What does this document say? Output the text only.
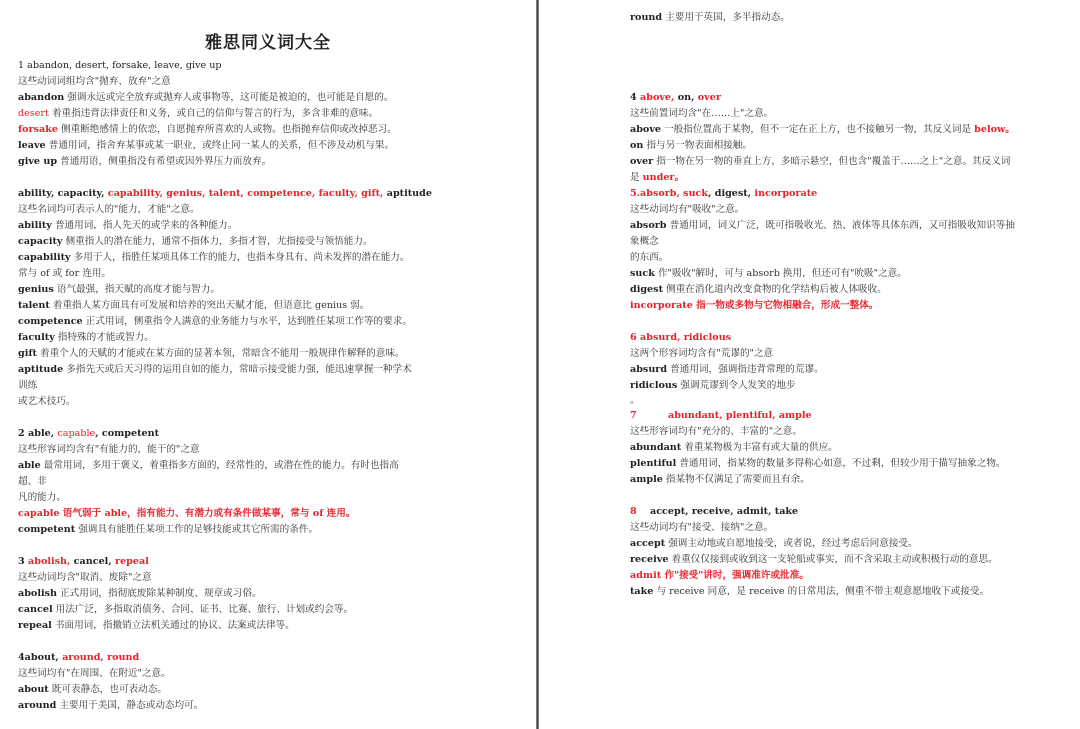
雅思同义词大全
1 abandon, desert, forsake, leave, give up
这些动词词组均含"抛弃、放弃"之意
abandon 强调永远或完全放弃或抛弃人或事物等，这可能是被迫的，也可能是自愿的。
desert 着重指违背法律责任和义务，或自己的信仰与誓言的行为，多含非难的意味。
forsake 侧重断绝感情上的依恋，自愿抛弃所喜欢的人或物。也指抛弃信仰或改掉恶习。
leave 普通用词，指舍弃某事或某一职业，或终止同一某人的关系，但不涉及动机与果。
give up 普通用语，侧重指没有希望或因外界压力而放弃。
ability, capacity, capability, genius, talent, competence, faculty, gift, aptitude
这些名词均可表示人的"能力，才能"之意。
ability 普通用词，指人先天的或学来的各种能力。
capacity 侧重指人的潜在能力，通常不指体力，多指才智，尤指接受与领悟能力。
capability 多用于人，指胜任某项具体工作的能力，也指本身具有、尚未发挥的潜在能力。
常与 of 或 for 连用。
genius 语气最强，指天赋的高度才能与智力。
talent 着重指人某方面具有可发展和培养的突出天赋才能，但语意比 genius 弱。
competence 正式用词，侧重指令人满意的业务能力与水平，达到胜任某项工作等的要求。
faculty 指特殊的才能或智力。
gift 着重个人的天赋的才能或在某方面的显著本领，常暗含不能用一般规律作解释的意味。
aptitude 多指先天或后天习得的运用自如的能力，常暗示接受能力强，能迅速掌握一种学术
训练
或艺术技巧。
2 able, capable, competent
这些形容词均含有"有能力的，能干的"之意
able 最常用词，多用于褒义，着重指多方面的，经常性的，或潜在性的能力。有时也指高
超、非
凡的能力。
capable 语气弱于 able，指有能力、有潜力或有条件做某事，常与 of 连用。
competent 强调具有能胜任某项工作的足够技能或其它所需的条件。
3 abolish, cancel, repeal
这些动词均含"取消、废除"之意
abolish 正式用词，指彻底废除某种制度、规章或习俗。
cancel 用法广泛，多指取消债务、合同、证书、比赛、旅行、计划或约会等。
repeal 书面用词，指撤销立法机关通过的协议、法案或法律等。
4about, around, round
这些词均有"在周围、在附近"之意。
about 既可表静态，也可表动态。
around 主要用于美国，静态或动态均可。
round 主要用于英国，多半指动态。
4 above, on, over
这些前置词均含"在……上"之意。
above 一般指位置高于某物，但不一定在正上方，也不接触另一物，其反义词是 below。
on 指与另一物表面相接触。
over 指一物在另一物的垂直上方，多暗示悬空，但也含"覆盖于……之上"之意。其反义词
是 under。
5.absorb, suck, digest, incorporate
这些动词均有"吸收"之意。
absorb 普通用词，词义广泛，既可指吸收光、热、液体等具体东西，又可指吸收知识等抽
象概念
的东西。
suck 作"吸收"解时，可与 absorb 换用，但还可有"吮吸"之意。
digest 侧重在消化道内改变食物的化学结构后被人体吸收。
incorporate 指一物或多物与它物相融合，形成一整体。
6 absurd, ridiclous
这两个形容词均含有"荒谬的"之意
absurd 普通用词，强调指违背常理的荒谬。
ridiclous 强调荒谬到令人发笑的地步
。
7	abundant, plentiful, ample
这些形容词均有"充分的、丰富的"之意。
abundant 着重某物极为丰富有或大量的供应。
plentiful 普通用词，指某物的数量多得称心如意，不过剩，但较少用于描写抽象之物。
ample 指某物不仅满足了需要而且有余。
8 accept, receive, admit, take
这些动词均有"接受、接纳"之意。
accept 强调主动地或自愿地接受，或者说，经过考虑后同意接受。
receive 着重仅仅接到或收到这一支轮船或事实，而不含采取主动或积极行动的意思。
admit 作"接受"讲时，强调准许或批准。
take 与 receive 同意，是 receive 的日常用法，侧重不带主观意愿地收下或接受。
